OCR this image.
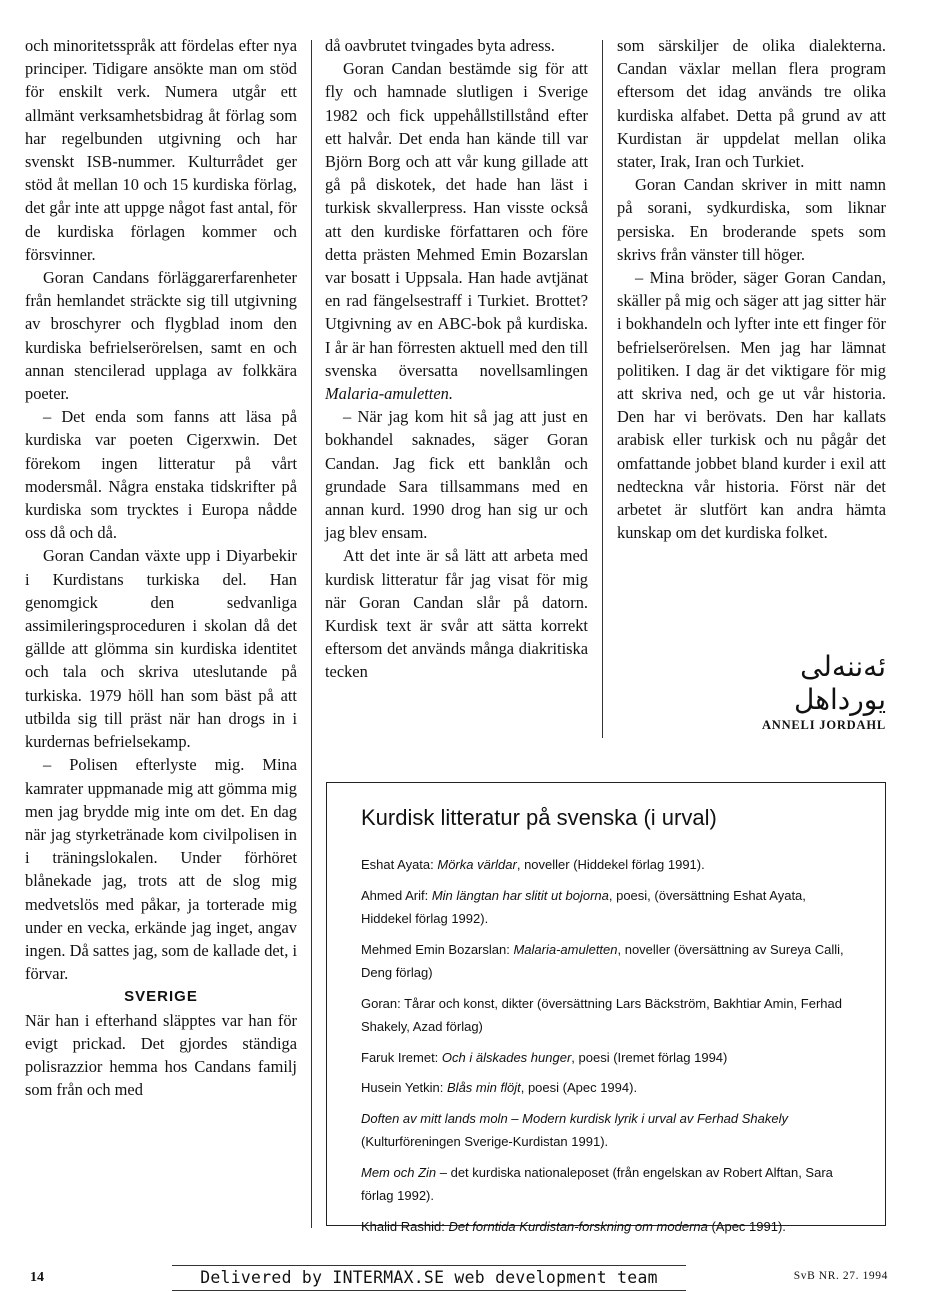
och minoritetsspråk att fördelas efter nya principer. Tidigare ansökte man om stöd för enskilt verk. Numera utgår ett allmänt verksamhetsbidrag åt förlag som har regelbunden utgivning och har svenskt ISB-nummer. Kulturrådet ger stöd åt mellan 10 och 15 kurdiska förlag, det går inte att uppge något fast antal, för de kurdiska förlagen kommer och försvinner.

Goran Candans förläggarerfarenheter från hemlandet sträckte sig till utgivning av broschyrer och flygblad inom den kurdiska befrielserörelsen, samt en och annan stencilerad upplaga av folkkära poeter.

– Det enda som fanns att läsa på kurdiska var poeten Cigerxwin. Det förekom ingen litteratur på vårt modersmål. Några enstaka tidskrifter på kurdiska som trycktes i Europa nådde oss då och då.

Goran Candan växte upp i Diyarbekir i Kurdistans turkiska del. Han genomgick den sedvanliga assimileringsproceduren i skolan då det gällde att glömma sin kurdiska identitet och tala och skriva uteslutande på turkiska. 1979 höll han som bäst på att utbilda sig till präst när han drogs in i kurdernas befrielsekamp.

– Polisen efterlyste mig. Mina kamrater uppmanade mig att gömma mig men jag brydde mig inte om det. En dag när jag styrketränade kom civilpolisen in i träningslokalen. Under förhöret blånekade jag, trots att de slog mig medvetslös med påkar, ja torterade mig under en vecka, erkände jag inget, angav ingen. Då sattes jag, som de kallade det, i förvar.

SVERIGE

När han i efterhand släpptes var han för evigt prickad. Det gjordes ständiga polisrazzior hemma hos Candans familj som från och med

då oavbrutet tvingades byta adress.

Goran Candan bestämde sig för att fly och hamnade slutligen i Sverige 1982 och fick uppehållstillstånd efter ett halvår. Det enda han kände till var Björn Borg och att vår kung gillade att gå på diskotek, det hade han läst i turkisk skvallerpress. Han visste också att den kurdiske författaren och före detta prästen Mehmed Emin Bozarslan var bosatt i Uppsala. Han hade avtjänat en rad fängelsestraff i Turkiet. Brottet? Utgivning av en ABC-bok på kurdiska. I år är han förresten aktuell med den till svenska översatta novellsamlingen Malaria-amuletten.

– När jag kom hit så jag att just en bokhandel saknades, säger Goran Candan. Jag fick ett banklån och grundade Sara tillsammans med en annan kurd. 1990 drog han sig ur och jag blev ensam.

Att det inte är så lätt att arbeta med kurdisk litteratur får jag visat för mig när Goran Candan slår på datorn. Kurdisk text är svår att sätta korrekt eftersom det används många diakritiska tecken

som särskiljer de olika dialekterna. Candan växlar mellan flera program eftersom det idag används tre olika kurdiska alfabet. Detta på grund av att Kurdistan är uppdelat mellan olika stater, Irak, Iran och Turkiet.

Goran Candan skriver in mitt namn på sorani, sydkurdiska, som liknar persiska. En broderande spets som skrivs från vänster till höger.

– Mina bröder, säger Goran Candan, skäller på mig och säger att jag sitter här i bokhandeln och lyfter inte ett finger för befrielserörelsen. Men jag har lämnat politiken. I dag är det viktigare för mig att skriva ned, och ge ut vår historia. Den har vi berövats. Den har kallats arabisk eller turkisk och nu pågår det omfattande jobbet bland kurder i exil att nedteckna vår historia. Först när det arbetet är slutfört kan andra hämta kunskap om det kurdiska folket.

ئەننەلی یوردا‌هل
ANNELI JORDAHL
Kurdisk litteratur på svenska (i urval)

Eshat Ayata: Mörka världar, noveller (Hiddekel förlag 1991).

Ahmed Arif: Min längtan har slitit ut bojorna, poesi, (översättning Eshat Ayata, Hiddekel förlag 1992).

Mehmed Emin Bozarslan: Malaria-amuletten, noveller (översättning av Sureya Calli, Deng förlag)

Goran: Tårar och konst, dikter (översättning Lars Bäckström, Bakhtiar Amin, Ferhad Shakely, Azad förlag)

Faruk Iremet: Och i älskades hunger, poesi (Iremet förlag 1994)

Husein Yetkin: Blås min flöjt, poesi (Apec 1994).

Doften av mitt lands moln – Modern kurdisk lyrik i urval av Ferhad Shakely (Kulturföreningen Sverige-Kurdistan 1991).

Mem och Zin – det kurdiska nationaleposet (från engelskan av Robert Alftan, Sara förlag 1992).

Khalid Rashid: Det forntida Kurdistan-forskning om moderna (Apec 1991).

14	Delivered by INTERMAX.SE web development team	SvB NR. 27. 1994
